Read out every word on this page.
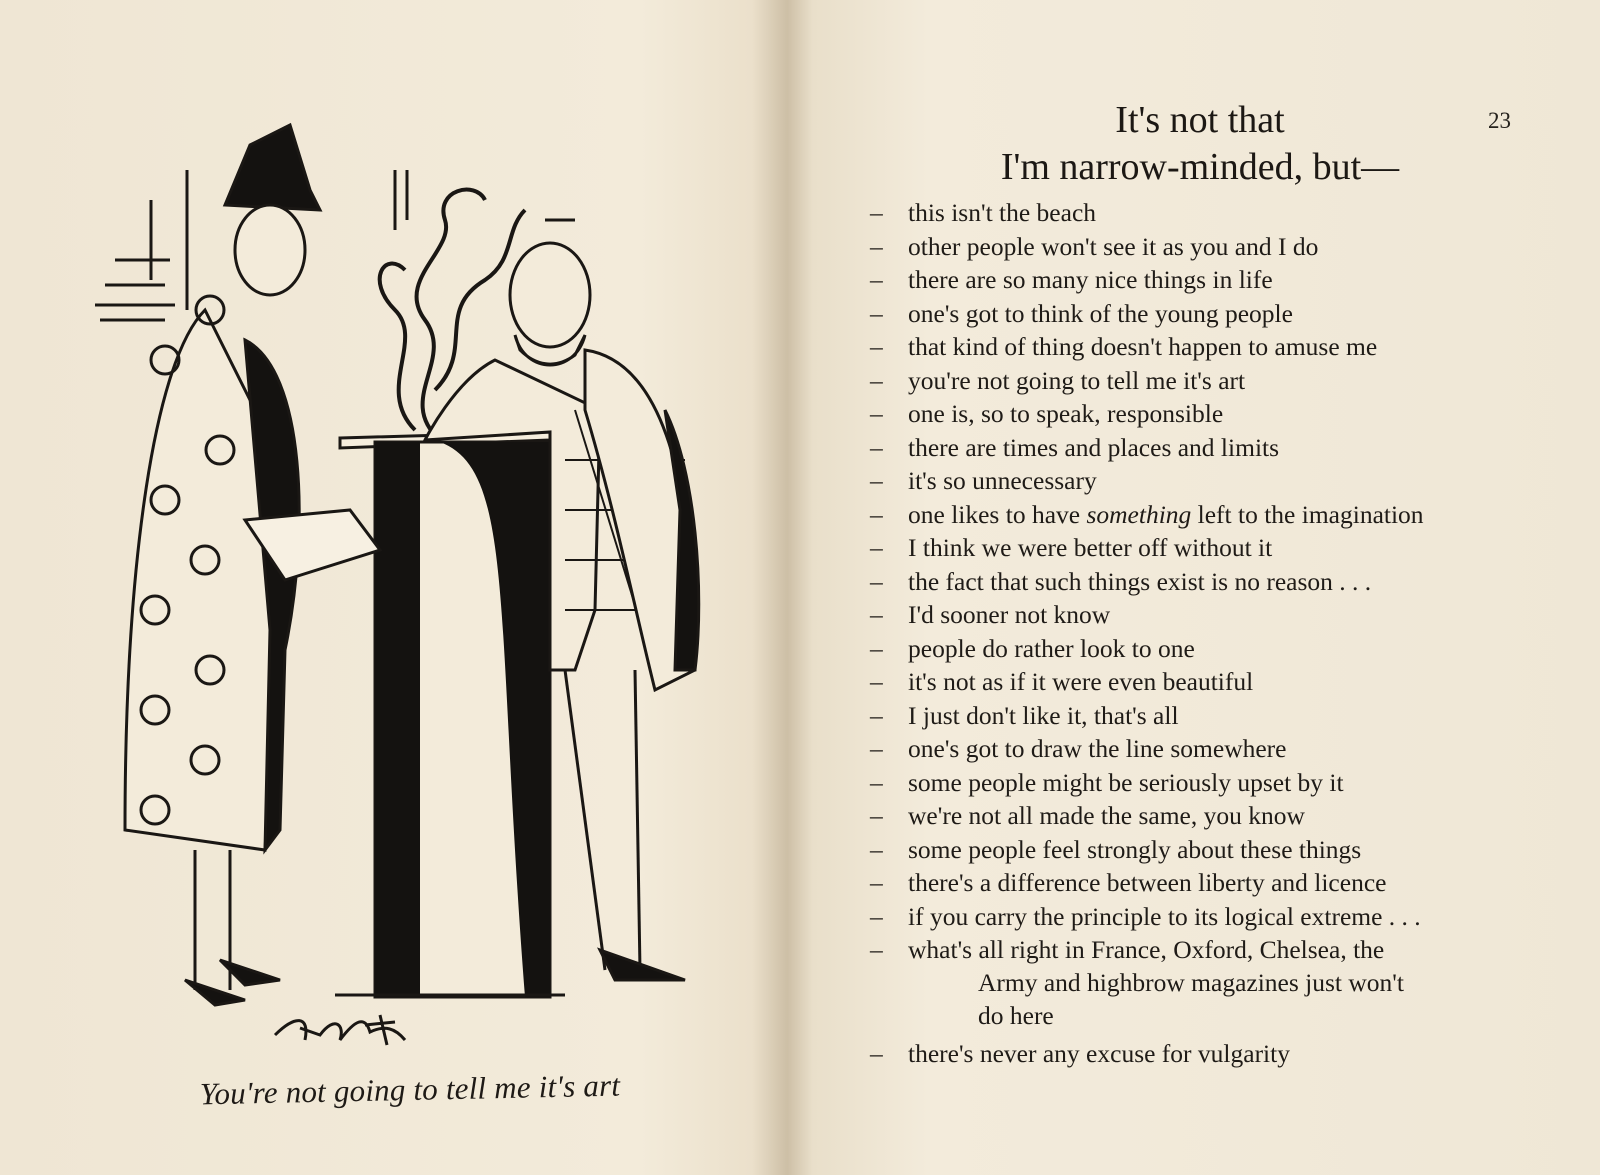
You're not going to tell me it's art
23
It's not that
I'm narrow-minded, but—
– this isn't the beach
– other people won't see it as you and I do
– there are so many nice things in life
– one's got to think of the young people
– that kind of thing doesn't happen to amuse me
– you're not going to tell me it's art
– one is, so to speak, responsible
– there are times and places and limits
– it's so unnecessary
– one likes to have something left to the imagination
– I think we were better off without it
– the fact that such things exist is no reason . . .
– I'd sooner not know
– people do rather look to one
– it's not as if it were even beautiful
– I just don't like it, that's all
– one's got to draw the line somewhere
– some people might be seriously upset by it
– we're not all made the same, you know
– some people feel strongly about these things
– there's a difference between liberty and licence
– if you carry the principle to its logical extreme . . .
– what's all right in France, Oxford, Chelsea, the
Army and highbrow magazines just won't
do here
– there's never any excuse for vulgarity
